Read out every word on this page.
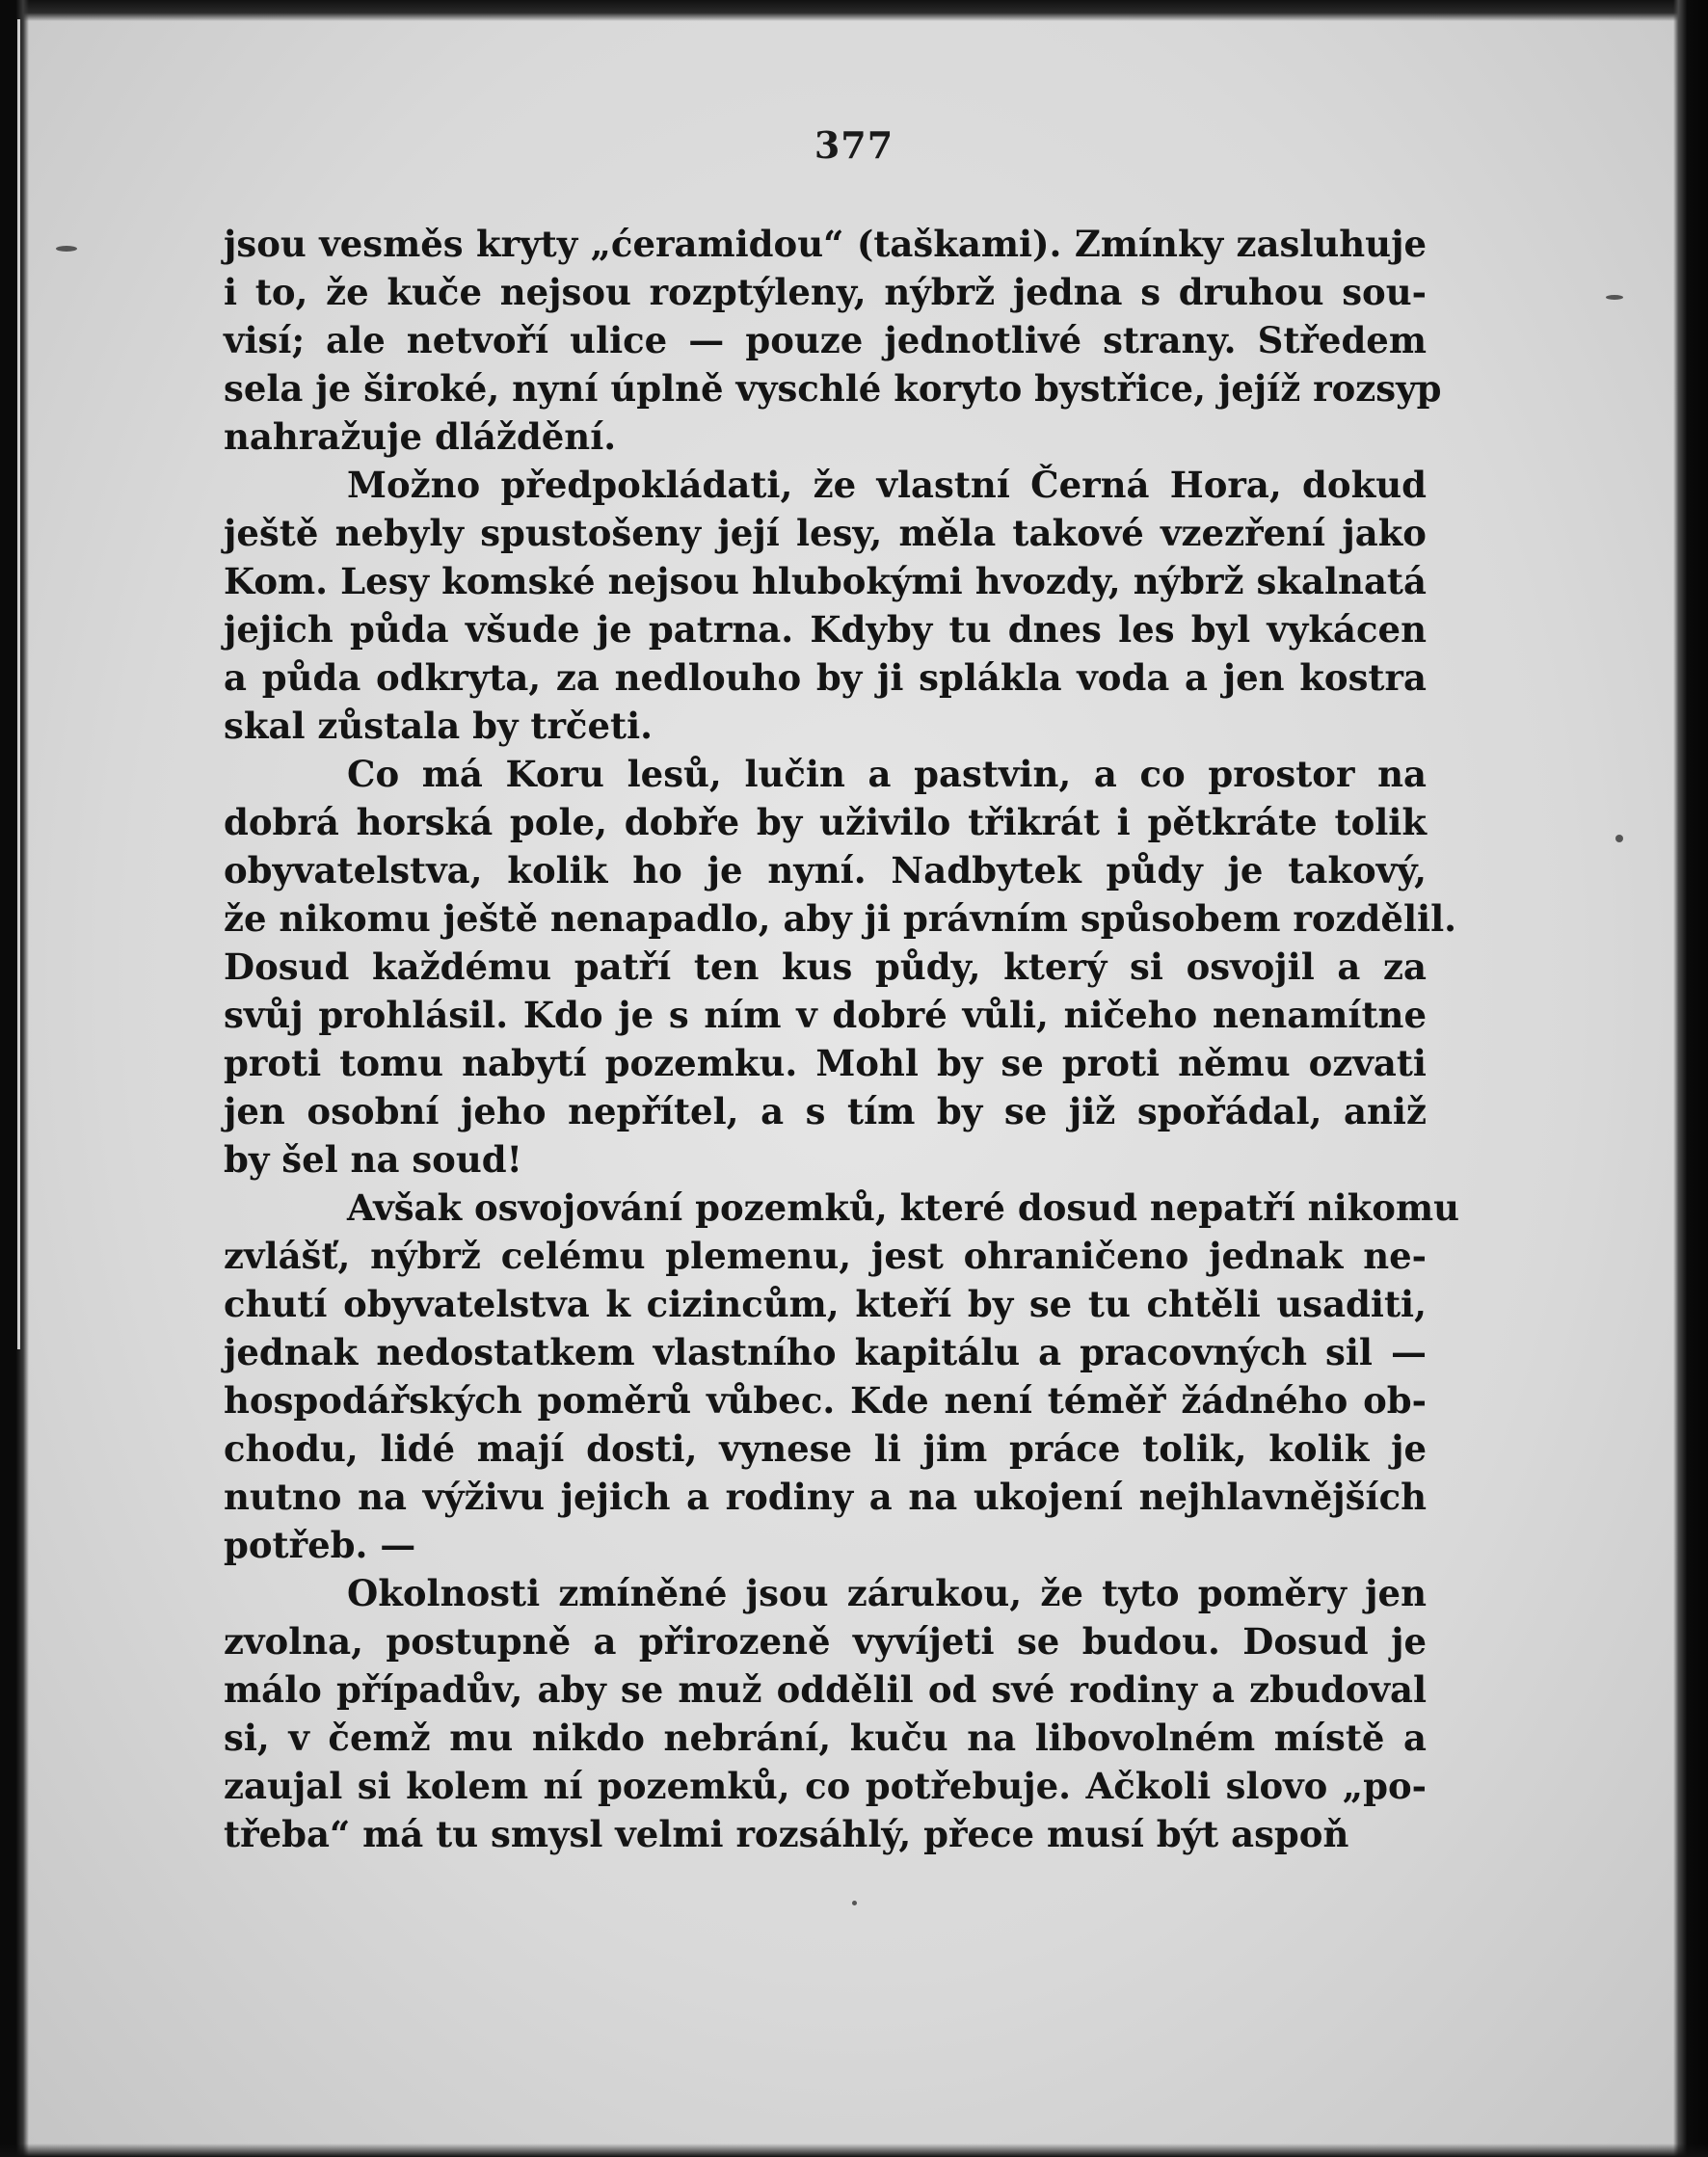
377
jsou vesměs kryty „ćeramidou“ (taškami). Zmínky zasluhuje
i to, že kuče nejsou rozptýleny, nýbrž jedna s druhou sou-
visí; ale netvoří ulice — pouze jednotlivé strany. Středem
sela je široké, nyní úplně vyschlé koryto bystřice, jejíž rozsyp
nahražuje dláždění.
Možno předpokládati, že vlastní Černá Hora, dokud
ještě nebyly spustošeny její lesy, měla takové vzezření jako
Kom. Lesy komské nejsou hlubokými hvozdy, nýbrž skalnatá
jejich půda všude je patrna. Kdyby tu dnes les byl vykácen
a půda odkryta, za nedlouho by ji spláklа voda a jen kostra
skal zůstala by trčeti.
Co má Koru lesů, lučin a pastvin, a co prostor na
dobrá horská pole, dobře by uživilo třikrát i pětkráte tolik
obyvatelstva, kolik ho je nyní. Nadbytek půdy je takový,
že nikomu ještě nenapadlo, aby ji právním spůsobem rozdělil.
Dosud každému patří ten kus půdy, který si osvojil a za
svůj prohlásil. Kdo je s ním v dobré vůli, ničeho nenamítne
proti tomu nabytí pozemku. Mohl by se proti němu ozvati
jen osobní jeho nepřítel, a s tím by se již spořádal, aniž
by šel na soud!
Avšak osvojování pozemků, které dosud nepatří nikomu
zvlášť, nýbrž celému plemenu, jest ohraničeno jednak ne-
chutí obyvatelstva k cizincům, kteří by se tu chtěli usaditi,
jednak nedostatkem vlastního kapitálu a pracovných sil —
hospodářských poměrů vůbec. Kde není téměř žádného ob-
chodu, lidé mají dosti, vynese li jim práce tolik, kolik je
nutno na výživu jejich a rodiny a na ukojení nejhlavnějších
potřeb. —
Okolnosti zmíněné jsou zárukou, že tyto poměry jen
zvolna, postupně a přirozeně vyvíjeti se budou. Dosud je
málo případův, aby se muž oddělil od své rodiny a zbudoval
si, v čemž mu nikdo nebrání, kuču na libovolném místě a
zaujal si kolem ní pozemků, co potřebuje. Ačkoli slovo „po-
třeba“ má tu smysl velmi rozsáhlý, přece musí být aspoň
